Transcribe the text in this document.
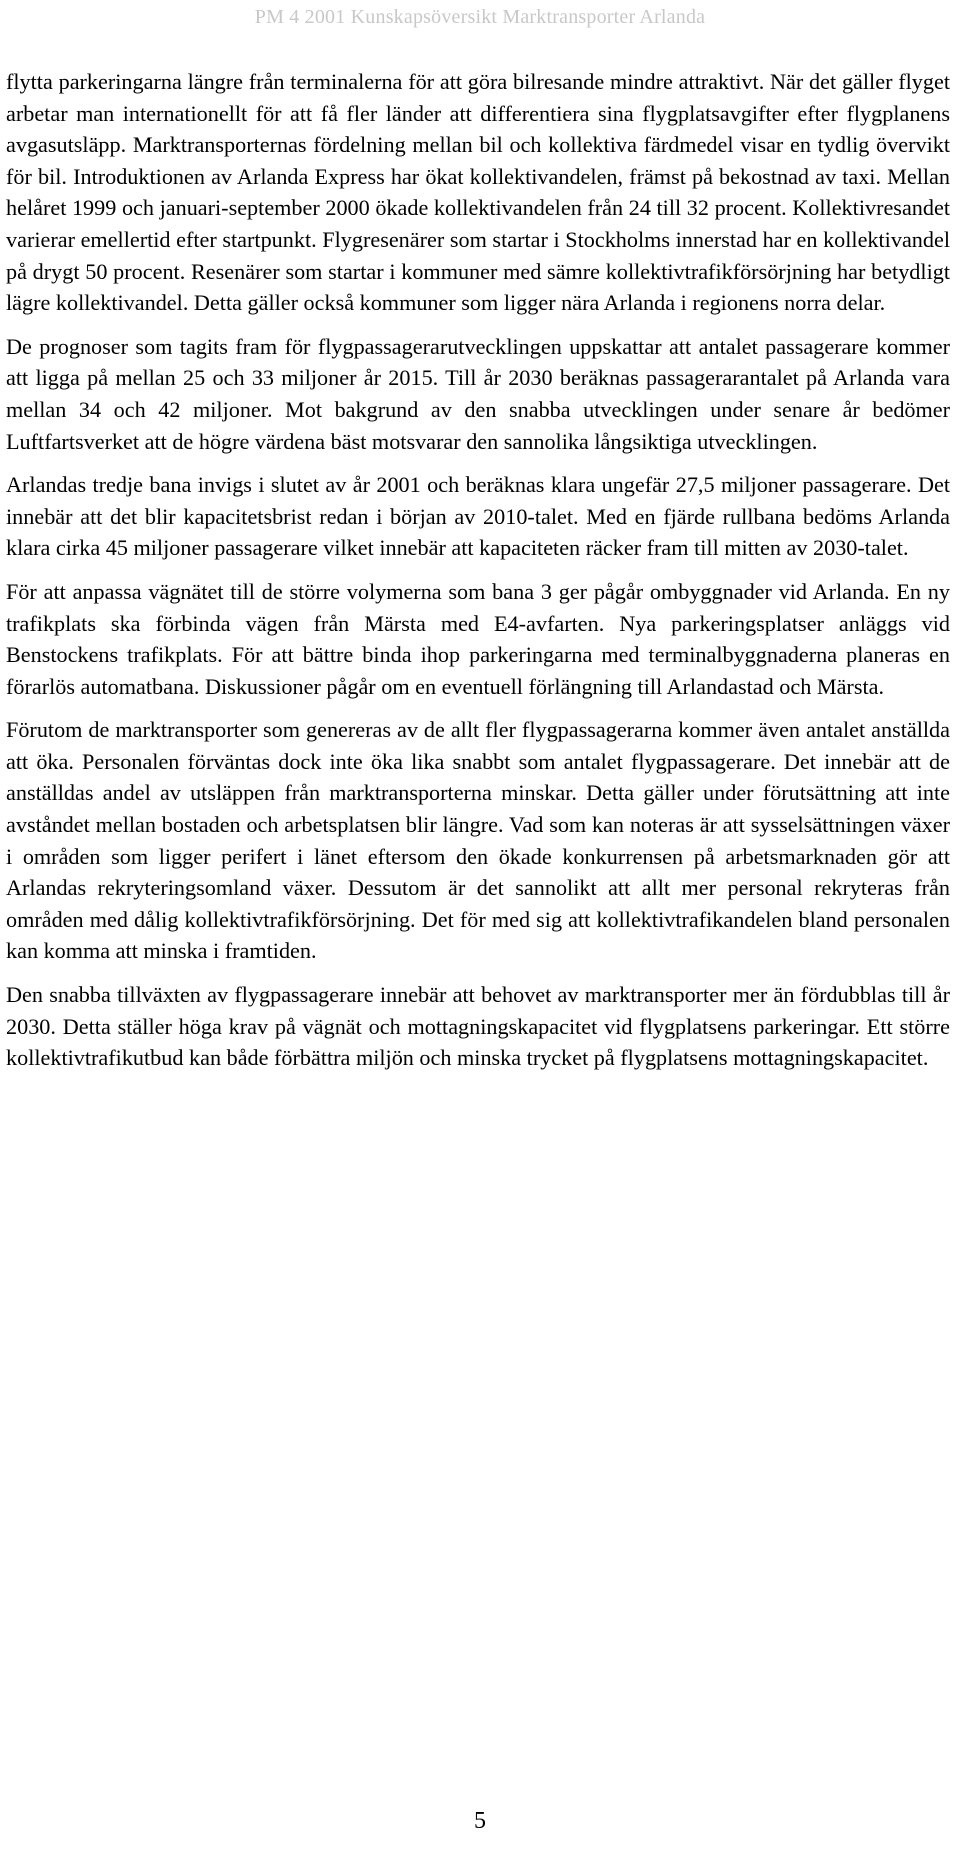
PM 4 2001 Kunskapsöversikt Marktransporter Arlanda

flytta parkeringarna längre från terminalerna för att göra bilresande mindre attraktivt. När det gäller flyget arbetar man internationellt för att få fler länder att differentiera sina flygplatsavgifter efter flygplanens avgasutsläpp. Marktransporternas fördelning mellan bil och kollektiva färdmedel visar en tydlig övervikt för bil. Introduktionen av Arlanda Express har ökat kollektivandelen, främst på bekostnad av taxi. Mellan helåret 1999 och januari-september 2000 ökade kollektivandelen från 24 till 32 procent. Kollektivresandet varierar emellertid efter startpunkt. Flygresenärer som startar i Stockholms innerstad har en kollektivandel på drygt 50 procent. Resenärer som startar i kommuner med sämre kollektivtrafikförsörjning har betydligt lägre kollektivandel. Detta gäller också kommuner som ligger nära Arlanda i regionens norra delar.

De prognoser som tagits fram för flygpassagerarutvecklingen uppskattar att antalet passagerare kommer att ligga på mellan 25 och 33 miljoner år 2015. Till år 2030 beräknas passagerarantalet på Arlanda vara mellan 34 och 42 miljoner. Mot bakgrund av den snabba utvecklingen under senare år bedömer Luftfartsverket att de högre värdena bäst motsvarar den sannolika långsiktiga utvecklingen.

Arlandas tredje bana invigs i slutet av år 2001 och beräknas klara ungefär 27,5 miljoner passagerare. Det innebär att det blir kapacitetsbrist redan i början av 2010-talet. Med en fjärde rullbana bedöms Arlanda klara cirka 45 miljoner passagerare vilket innebär att kapaciteten räcker fram till mitten av 2030-talet.

För att anpassa vägnätet till de större volymerna som bana 3 ger pågår ombyggnader vid Arlanda. En ny trafikplats ska förbinda vägen från Märsta med E4-avfarten. Nya parkeringsplatser anläggs vid Benstockens trafikplats. För att bättre binda ihop parkeringarna med terminalbyggnaderna planeras en förarlös automatbana. Diskussioner pågår om en eventuell förlängning till Arlandastad och Märsta.

Förutom de marktransporter som genereras av de allt fler flygpassagerarna kommer även antalet anställda att öka. Personalen förväntas dock inte öka lika snabbt som antalet flygpassagerare. Det innebär att de anställdas andel av utsläppen från marktransporterna minskar. Detta gäller under förutsättning att inte avståndet mellan bostaden och arbetsplatsen blir längre. Vad som kan noteras är att sysselsättningen växer i områden som ligger perifert i länet eftersom den ökade konkurrensen på arbetsmarknaden gör att Arlandas rekryteringsomland växer. Dessutom är det sannolikt att allt mer personal rekryteras från områden med dålig kollektivtrafikförsörjning. Det för med sig att kollektivtrafikandelen bland personalen kan komma att minska i framtiden.

Den snabba tillväxten av flygpassagerare innebär att behovet av marktransporter mer än fördubblas till år 2030. Detta ställer höga krav på vägnät och mottagningskapacitet vid flygplatsens parkeringar. Ett större kollektivtrafikutbud kan både förbättra miljön och minska trycket på flygplatsens mottagningskapacitet.

5
